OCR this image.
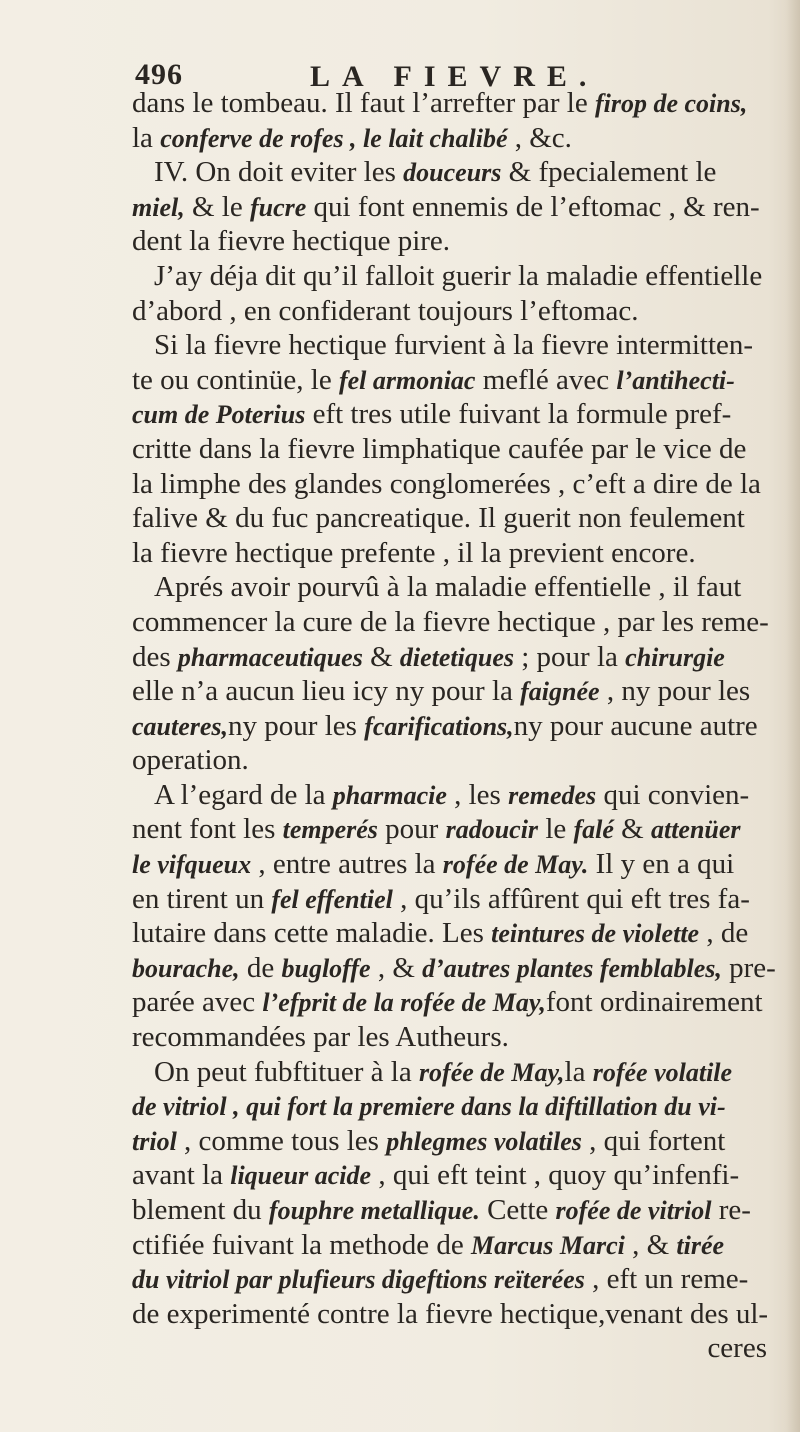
496	LA FIEVRE.
dans le tombeau. Il faut l’arrefter par le firop de coins,
la conferve de rofes , le lait chalibé , &c.
IV. On doit eviter les douceurs & fpecialement le
miel, & le fucre qui font ennemis de l’eftomac , & ren-
dent la fievre hectique pire.
J’ay déja dit qu’il falloit guerir la maladie effentielle
d’abord , en confiderant toujours l’eftomac.
Si la fievre hectique furvient à la fievre intermitten-
te ou continüe, le fel armoniac meflé avec l’antihecti-
cum de Poterius eft tres utile fuivant la formule pref-
critte dans la fievre limphatique caufée par le vice de
la limphe des glandes conglomerées , c’eft a dire de la
falive & du fuc pancreatique. Il guerit non feulement
la fievre hectique prefente , il la previent encore.
Aprés avoir pourvû à la maladie effentielle , il faut
commencer la cure de la fievre hectique , par les reme-
des pharmaceutiques & dietetiques ; pour la chirurgie
elle n’a aucun lieu icy ny pour la faignée , ny pour les
cauteres,ny pour les fcarifications,ny pour aucune autre
operation.
A l’egard de la pharmacie , les remedes qui convien-
nent font les temperés pour radoucir le falé & attenüer
le vifqueux , entre autres la rofée de May. Il y en a qui
en tirent un fel effentiel , qu’ils affûrent qui eft tres fa-
lutaire dans cette maladie. Les teintures de violette , de
bourache, de bugloffe , & d’autres plantes femblables, pre-
parée avec l’efprit de la rofée de May,font ordinairement
recommandées par les Autheurs.
On peut fubftituer à la rofée de May,la rofée volatile
de vitriol , qui fort la premiere dans la diftillation du vi-
triol , comme tous les phlegmes volatiles , qui fortent
avant la liqueur acide , qui eft teint , quoy qu’infenfi-
blement du fouphre metallique. Cette rofée de vitriol re-
ctifiée fuivant la methode de Marcus Marci , & tirée
du vitriol par plufieurs digeftions reïterées , eft un reme-
de experimenté contre la fievre hectique,venant des ul-
ceres
